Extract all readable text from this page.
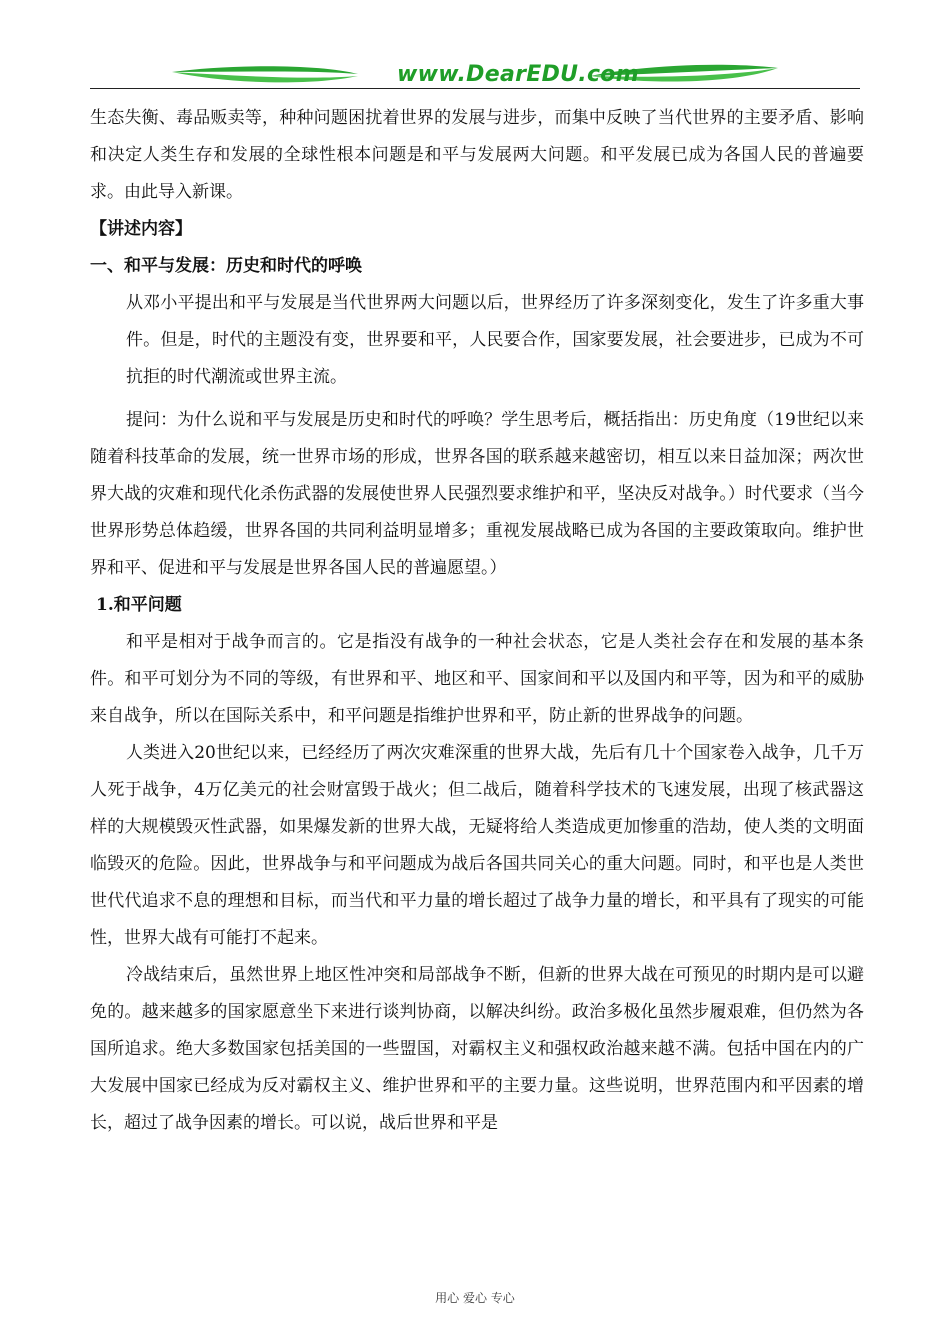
www.DearEDU.com

生态失衡、毒品贩卖等，种种问题困扰着世界的发展与进步，而集中反映了当代世界的主要矛盾、影响和决定人类生存和发展的全球性根本问题是和平与发展两大问题。和平发展已成为各国人民的普遍要求。由此导入新课。

【讲述内容】

一、和平与发展：历史和时代的呼唤

从邓小平提出和平与发展是当代世界两大问题以后，世界经历了许多深刻变化，发生了许多重大事件。但是，时代的主题没有变，世界要和平，人民要合作，国家要发展，社会要进步，已成为不可抗拒的时代潮流或世界主流。

提问：为什么说和平与发展是历史和时代的呼唤？学生思考后，概括指出：历史角度（19世纪以来随着科技革命的发展，统一世界市场的形成，世界各国的联系越来越密切，相互以来日益加深；两次世界大战的灾难和现代化杀伤武器的发展使世界人民强烈要求维护和平，坚决反对战争。）时代要求（当今世界形势总体趋缓，世界各国的共同利益明显增多；重视发展战略已成为各国的主要政策取向。维护世界和平、促进和平与发展是世界各国人民的普遍愿望。）

1.和平问题

和平是相对于战争而言的。它是指没有战争的一种社会状态，它是人类社会存在和发展的基本条件。和平可划分为不同的等级，有世界和平、地区和平、国家间和平以及国内和平等，因为和平的威胁来自战争，所以在国际关系中，和平问题是指维护世界和平，防止新的世界战争的问题。

人类进入20世纪以来，已经经历了两次灾难深重的世界大战，先后有几十个国家卷入战争，几千万人死于战争，4万亿美元的社会财富毁于战火；但二战后，随着科学技术的飞速发展，出现了核武器这样的大规模毁灭性武器，如果爆发新的世界大战，无疑将给人类造成更加惨重的浩劫，使人类的文明面临毁灭的危险。因此，世界战争与和平问题成为战后各国共同关心的重大问题。同时，和平也是人类世世代代追求不息的理想和目标，而当代和平力量的增长超过了战争力量的增长，和平具有了现实的可能性，世界大战有可能打不起来。

冷战结束后，虽然世界上地区性冲突和局部战争不断，但新的世界大战在可预见的时期内是可以避免的。越来越多的国家愿意坐下来进行谈判协商，以解决纠纷。政治多极化虽然步履艰难，但仍然为各国所追求。绝大多数国家包括美国的一些盟国，对霸权主义和强权政治越来越不满。包括中国在内的广大发展中国家已经成为反对霸权主义、维护世界和平的主要力量。这些说明，世界范围内和平因素的增长，超过了战争因素的增长。可以说，战后世界和平是

用心 爱心 专心
